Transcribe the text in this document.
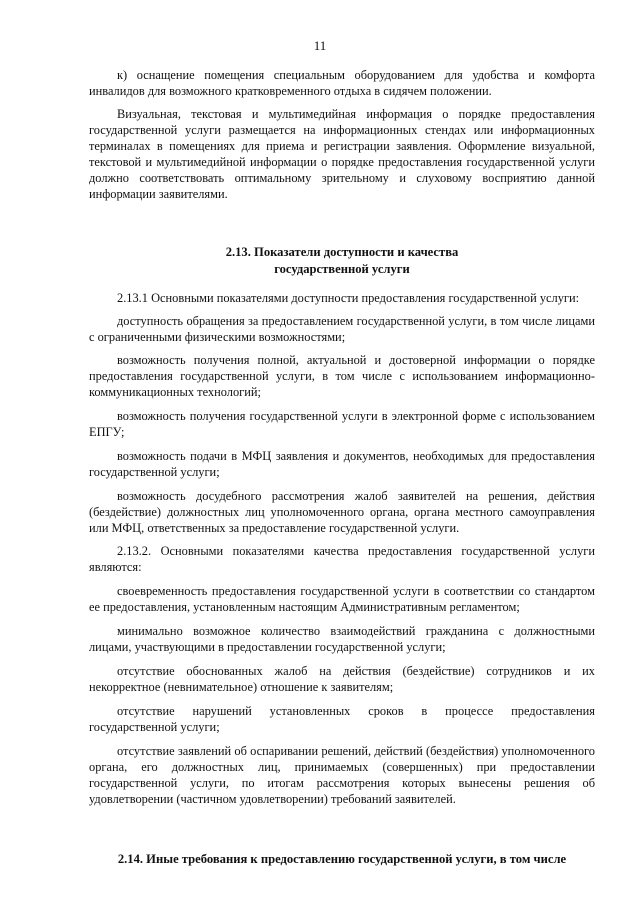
11

к) оснащение помещения специальным оборудованием для удобства и комфорта инвалидов для возможного кратковременного отдыха в сидячем положении.

Визуальная, текстовая и мультимедийная информация о порядке предоставления государственной услуги размещается на информационных стендах или информационных терминалах в помещениях для приема и регистрации заявления. Оформление визуальной, текстовой и мультимедийной информации о порядке предоставления государственной услуги должно соответствовать оптимальному зрительному и слуховому восприятию данной информации заявителями.

2.13. Показатели доступности и качества
государственной услуги

2.13.1 Основными показателями доступности предоставления государственной услуги:

доступность обращения за предоставлением государственной услуги, в том числе лицами с ограниченными физическими возможностями;

возможность получения полной, актуальной и достоверной информации о порядке предоставления государственной услуги, в том числе с использованием информационно-коммуникационных технологий;

возможность получения государственной услуги в электронной форме с использованием ЕПГУ;

возможность подачи в МФЦ заявления и документов, необходимых для предоставления государственной услуги;

возможность досудебного рассмотрения жалоб заявителей на решения, действия (бездействие) должностных лиц уполномоченного органа, органа местного самоуправления или МФЦ, ответственных за предоставление государственной услуги.

2.13.2. Основными показателями качества предоставления государственной услуги являются:

своевременность предоставления государственной услуги в соответствии со стандартом ее предоставления, установленным настоящим Административным регламентом;

минимально возможное количество взаимодействий гражданина с должностными лицами, участвующими в предоставлении государственной услуги;

отсутствие обоснованных жалоб на действия (бездействие) сотрудников и их некорректное (невнимательное) отношение к заявителям;

отсутствие нарушений установленных сроков в процессе предоставления государственной услуги;

отсутствие заявлений об оспаривании решений, действий (бездействия) уполномоченного органа, его должностных лиц, принимаемых (совершенных) при предоставлении государственной услуги, по итогам рассмотрения которых вынесены решения об удовлетворении (частичном удовлетворении) требований заявителей.

2.14. Иные требования к предоставлению государственной услуги, в том числе
